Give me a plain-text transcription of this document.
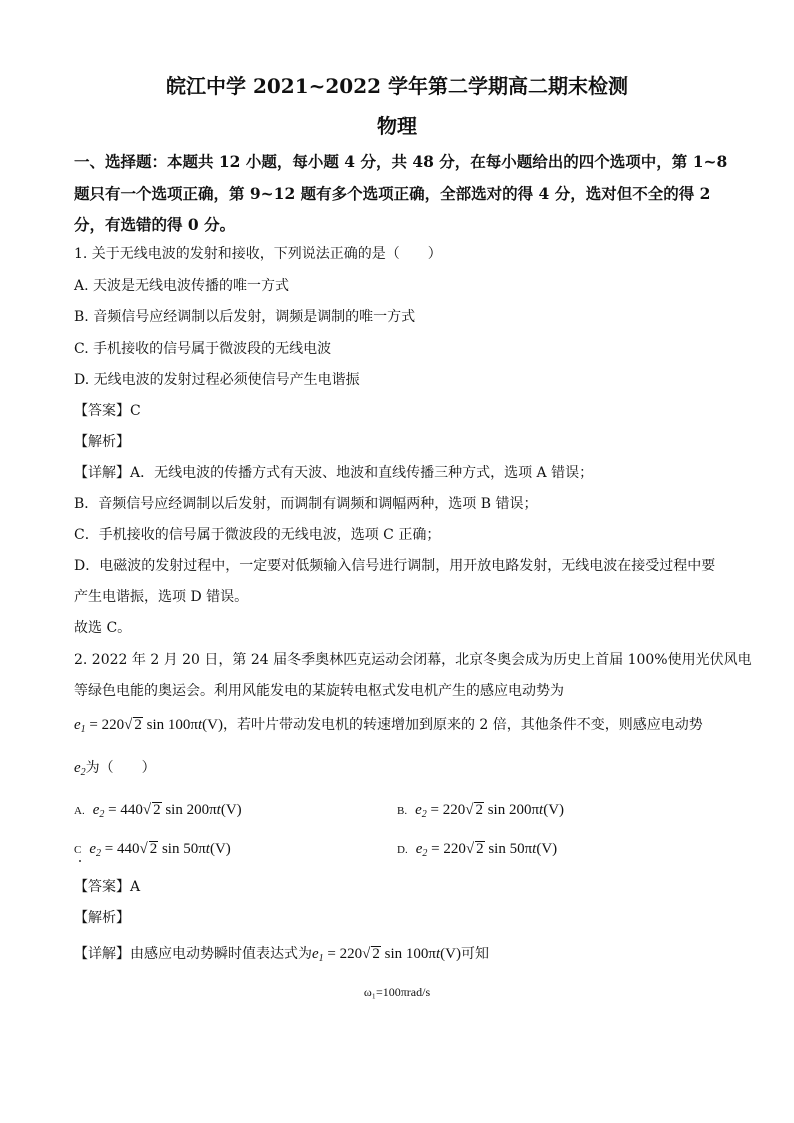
皖江中学 2021~2022 学年第二学期高二期末检测
物理
一、选择题：本题共 12 小题，每小题 4 分，共 48 分，在每小题给出的四个选项中，第 1~8
题只有一个选项正确，第 9~12 题有多个选项正确，全部选对的得 4 分，选对但不全的得 2
分，有选错的得 0 分。
1. 关于无线电波的发射和接收，下列说法正确的是（　　）
A. 天波是无线电波传播的唯一方式
B. 音频信号应经调制以后发射，调频是调制的唯一方式
C. 手机接收的信号属于微波段的无线电波
D. 无线电波的发射过程必须使信号产生电谐振
【答案】C
【解析】
【详解】A．无线电波的传播方式有天波、地波和直线传播三种方式，选项 A 错误；
B．音频信号应经调制以后发射，而调制有调频和调幅两种，选项 B 错误；
C．手机接收的信号属于微波段的无线电波，选项 C 正确；
D．电磁波的发射过程中，一定要对低频输入信号进行调制，用开放电路发射，无线电波在接受过程中要
产生电谐振，选项 D 错误。
故选 C。
2. 2022 年 2 月 20 日，第 24 届冬季奥林匹克运动会闭幕，北京冬奥会成为历史上首届 100%使用光伏风电
等绿色电能的奥运会。利用风能发电的某旋转电枢式发电机产生的感应电动势为
$e_1 = 220√$ 2 sin 100πt(V)，若叶片带动发电机的转速增加到原来的 2 倍，其他条件不变，则感应电动势
$e_2$为（　　）
A. $e_2 = 440√$ 2 sin 200πt(V)	B. $e_2 = 220√$ 2 sin 200πt(V)
C $e_2 = 440√$ 2 sin 50πt(V)	D. $e_2 = 220√$ 2 sin 50πt(V)
【答案】A
【解析】
【详解】由感应电动势瞬时值表达式为$e_1 = 220√$ 2 sin 100πt(V)可知
ω₁=100πrad/s
